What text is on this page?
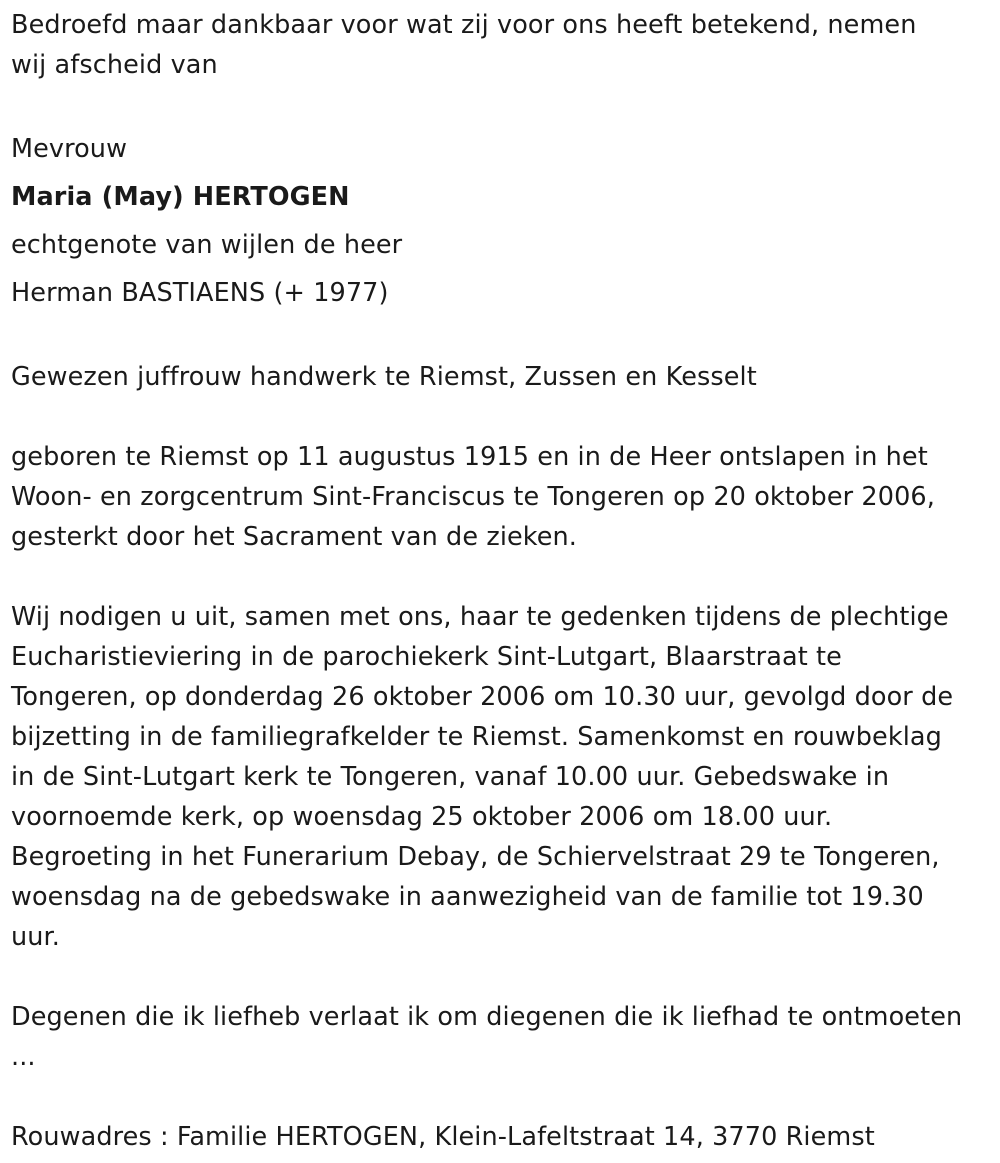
Bedroefd maar dankbaar voor wat zij voor ons heeft betekend, nemen
wij afscheid van

Mevrouw

Maria (May) HERTOGEN

echtgenote van wijlen de heer

Herman BASTIAENS (+ 1977)

Gewezen juffrouw handwerk te Riemst, Zussen en Kesselt

geboren te Riemst op 11 augustus 1915 en in de Heer ontslapen in het
Woon- en zorgcentrum Sint-Franciscus te Tongeren op 20 oktober 2006,
gesterkt door het Sacrament van de zieken.

Wij nodigen u uit, samen met ons, haar te gedenken tijdens de plechtige
Eucharistieviering in de parochiekerk Sint-Lutgart, Blaarstraat te
Tongeren, op donderdag 26 oktober 2006 om 10.30 uur, gevolgd door de
bijzetting in de familiegrafkelder te Riemst. Samenkomst en rouwbeklag
in de Sint-Lutgart kerk te Tongeren, vanaf 10.00 uur. Gebedswake in
voornoemde kerk, op woensdag 25 oktober 2006 om 18.00 uur.
Begroeting in het Funerarium Debay, de Schiervelstraat 29 te Tongeren,
woensdag na de gebedswake in aanwezigheid van de familie tot 19.30
uur.

Degenen die ik liefheb verlaat ik om diegenen die ik liefhad te ontmoeten
...

Rouwadres : Familie HERTOGEN, Klein-Lafeltstraat 14, 3770 Riemst
